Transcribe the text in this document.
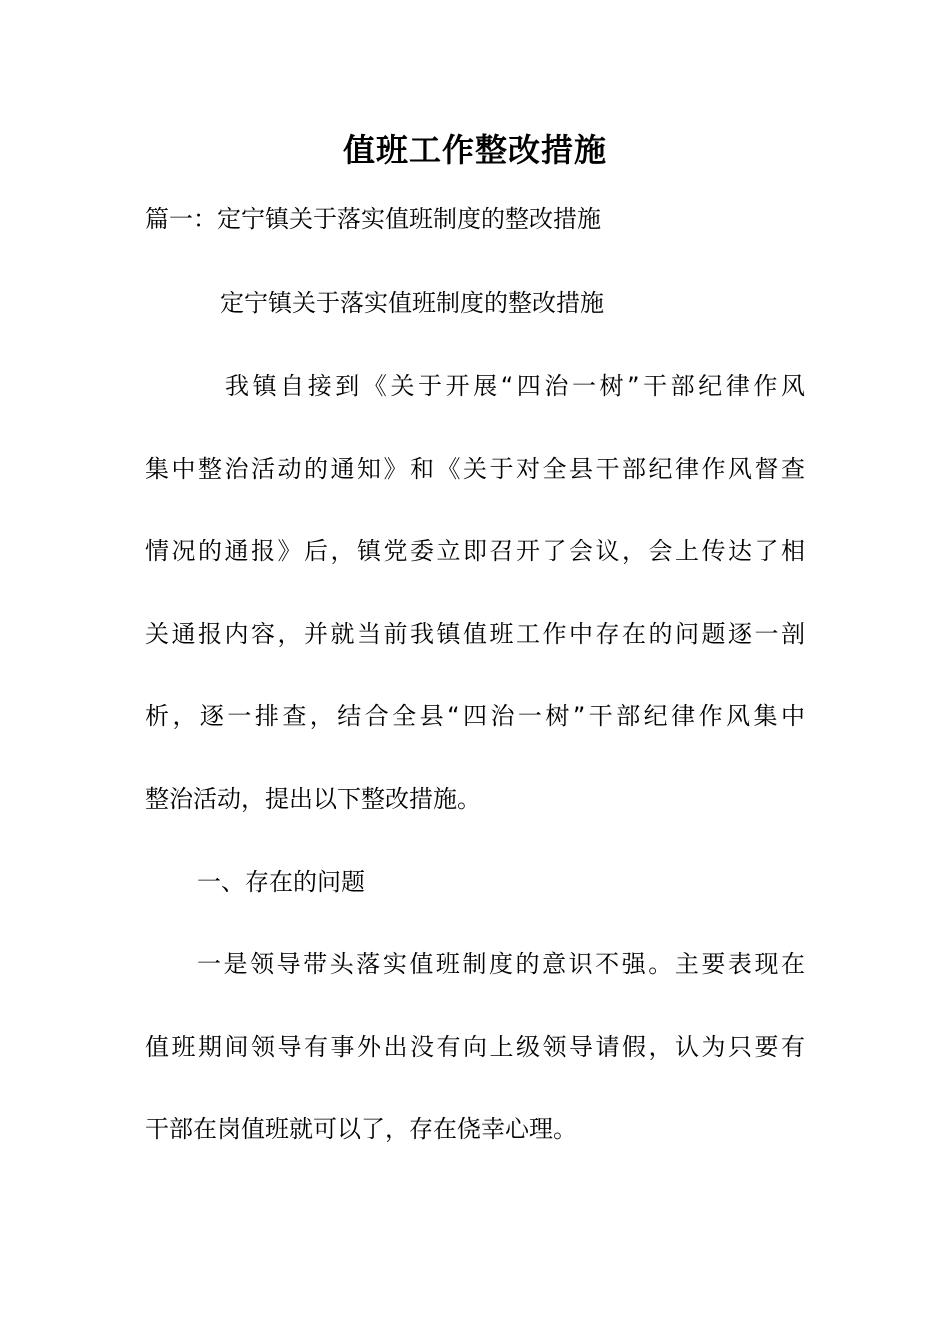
值班工作整改措施
篇一：定宁镇关于落实值班制度的整改措施
定宁镇关于落实值班制度的整改措施
我镇自接到《关于开展“四治一树”干部纪律作风
集中整治活动的通知》和《关于对全县干部纪律作风督查
情况的通报》后，镇党委立即召开了会议，会上传达了相
关通报内容，并就当前我镇值班工作中存在的问题逐一剖
析，逐一排查，结合全县“四治一树”干部纪律作风集中
整治活动，提出以下整改措施。
一、存在的问题
一是领导带头落实值班制度的意识不强。主要表现在
值班期间领导有事外出没有向上级领导请假，认为只要有
干部在岗值班就可以了，存在侥幸心理。
